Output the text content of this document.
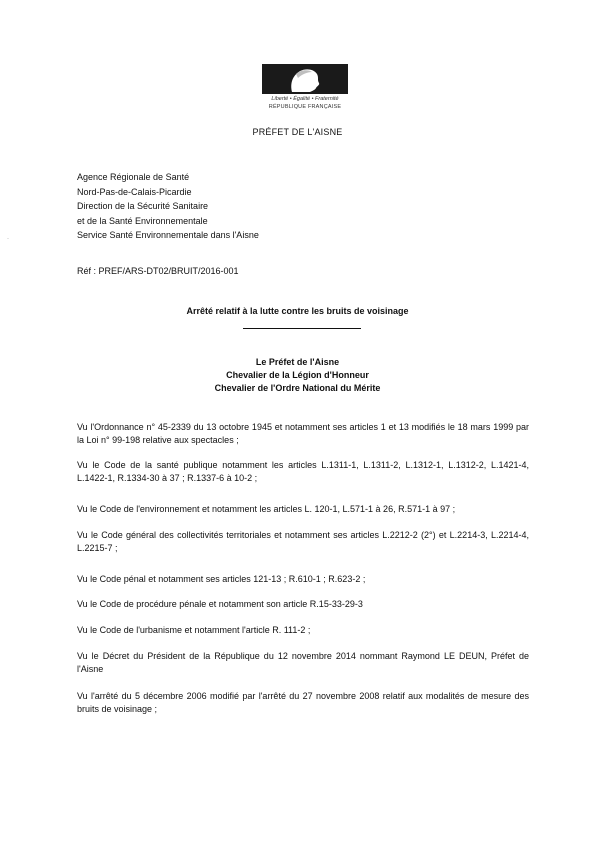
Liberté • Égalité • Fraternité
RÉPUBLIQUE FRANÇAISE
PRÉFET DE L'AISNE
Agence Régionale de Santé
Nord-Pas-de-Calais-Picardie
Direction de la Sécurité Sanitaire
et de la Santé Environnementale
Service Santé Environnementale dans l'Aisne
·
Réf : PREF/ARS-DT02/BRUIT/2016-001
Arrêté relatif à la lutte contre les bruits de voisinage
Le Préfet de l'Aisne
Chevalier de la Légion d'Honneur
Chevalier de l'Ordre National du Mérite

Vu l'Ordonnance n° 45-2339 du 13 octobre 1945 et notamment ses articles 1 et 13 modifiés le 18 mars 1999 par la Loi n° 99-198 relative aux spectacles ;

Vu le Code de la santé publique notamment les articles L.1311-1, L.1311-2, L.1312-1, L.1312-2, L.1421-4, L.1422-1, R.1334-30 à 37 ; R.1337-6 à 10-2 ;

Vu le Code de l'environnement et notamment les articles L. 120-1, L.571-1 à 26, R.571-1 à 97 ;

Vu le Code général des collectivités territoriales et notamment ses articles L.2212-2 (2°) et L.2214-3, L.2214-4, L.2215-7 ;

Vu le Code pénal et notamment ses articles 121-13 ; R.610-1 ; R.623-2 ;

Vu le Code de procédure pénale et notamment son article R.15-33-29-3

Vu le Code de l'urbanisme et notamment l'article R. 111-2 ;

Vu le Décret du Président de la République du 12 novembre 2014 nommant Raymond LE DEUN, Préfet de l'Aisne

Vu l'arrêté du 5 décembre 2006 modifié par l'arrêté du 27 novembre 2008 relatif aux modalités de mesure des bruits de voisinage ;
